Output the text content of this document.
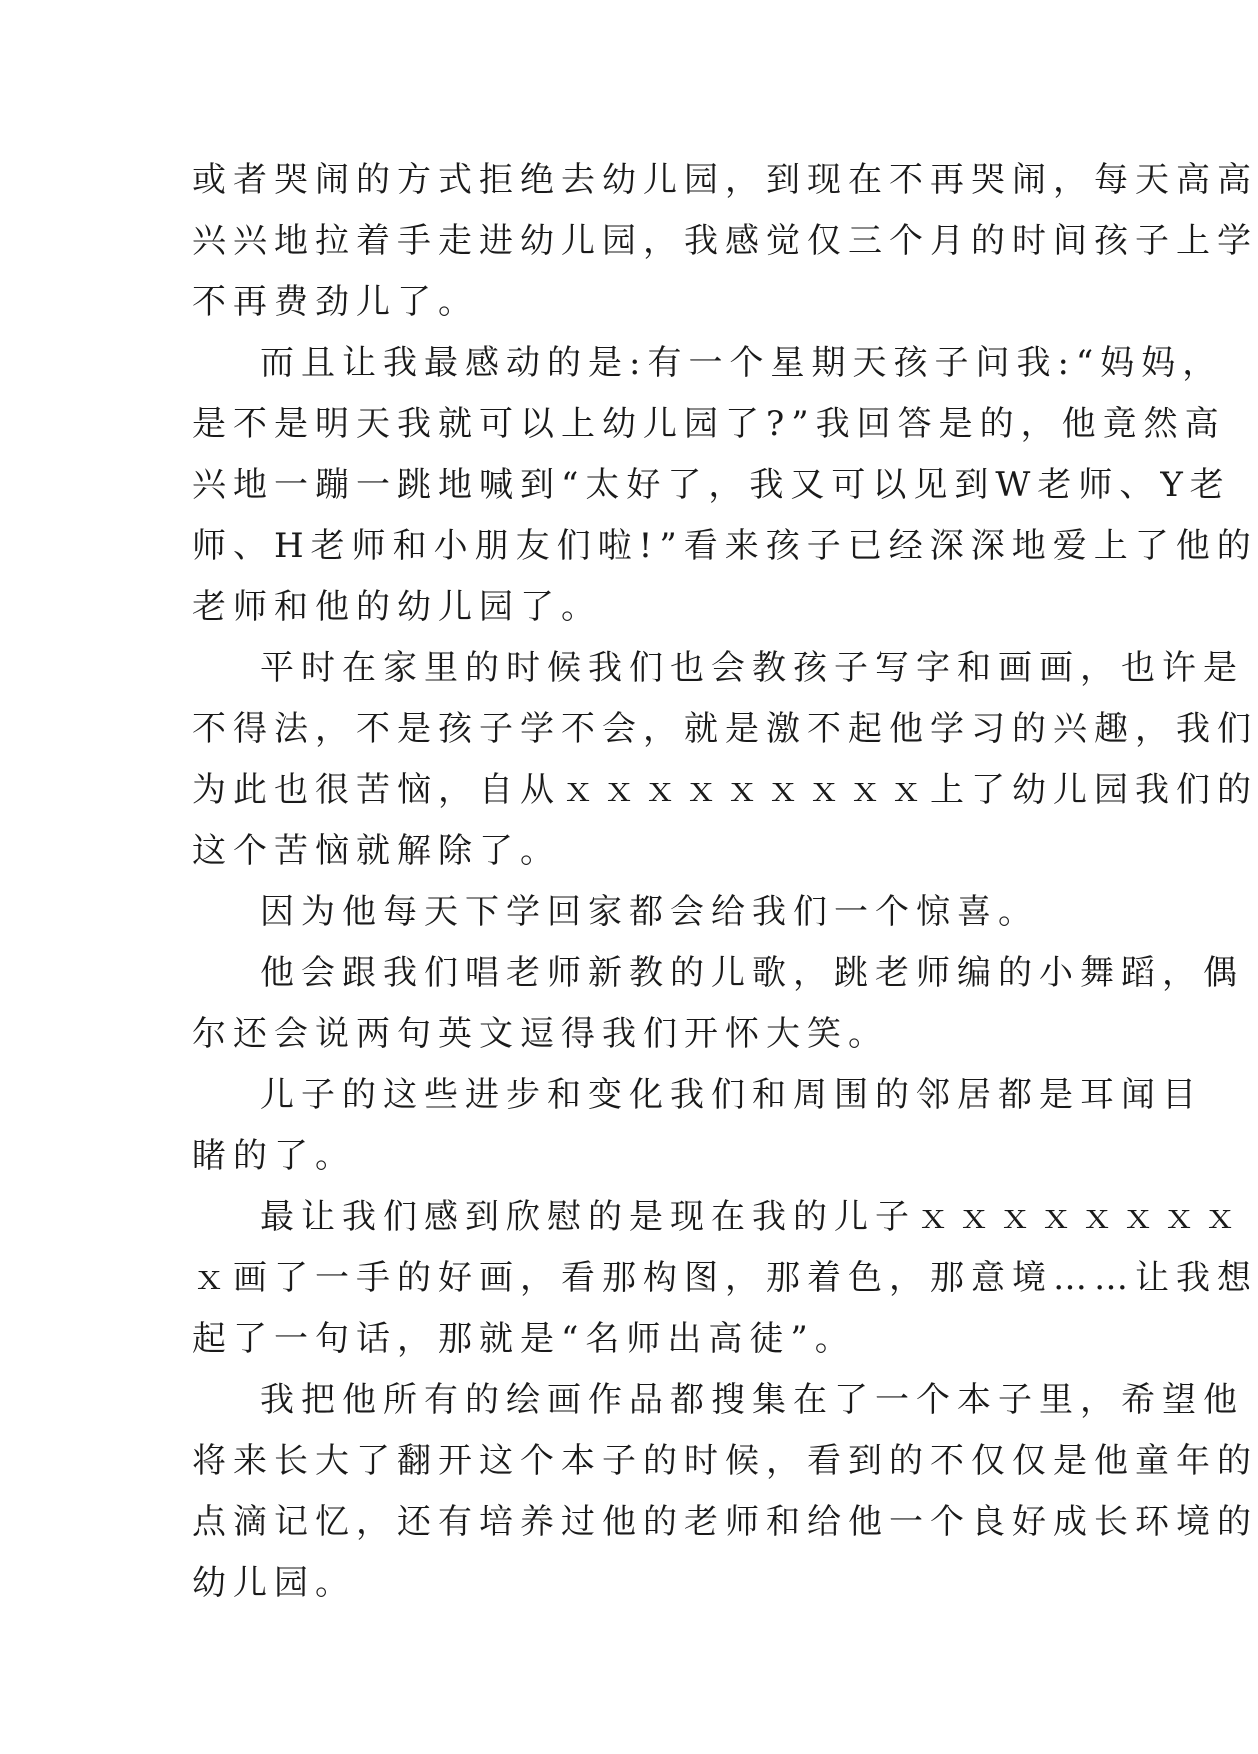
或者哭闹的方式拒绝去幼儿园，到现在不再哭闹，每天高高
兴兴地拉着手走进幼儿园，我感觉仅三个月的时间孩子上学
不再费劲儿了。
而且让我最感动的是:有一个星期天孩子问我:“妈妈，
是不是明天我就可以上幼儿园了?”我回答是的，他竟然高
兴地一蹦一跳地喊到“太好了，我又可以见到W老师、Y老
师、H老师和小朋友们啦!”看来孩子已经深深地爱上了他的
老师和他的幼儿园了。
平时在家里的时候我们也会教孩子写字和画画，也许是
不得法，不是孩子学不会，就是激不起他学习的兴趣，我们
为此也很苦恼，自从ｘｘｘｘｘｘｘｘｘ上了幼儿园我们的
这个苦恼就解除了。
因为他每天下学回家都会给我们一个惊喜。
他会跟我们唱老师新教的儿歌，跳老师编的小舞蹈，偶
尔还会说两句英文逗得我们开怀大笑。
儿子的这些进步和变化我们和周围的邻居都是耳闻目
睹的了。
最让我们感到欣慰的是现在我的儿子ｘｘｘｘｘｘｘｘ
ｘ画了一手的好画，看那构图，那着色，那意境……让我想
起了一句话，那就是“名师出高徒”。
我把他所有的绘画作品都搜集在了一个本子里，希望他
将来长大了翻开这个本子的时候，看到的不仅仅是他童年的
点滴记忆，还有培养过他的老师和给他一个良好成长环境的
幼儿园。
